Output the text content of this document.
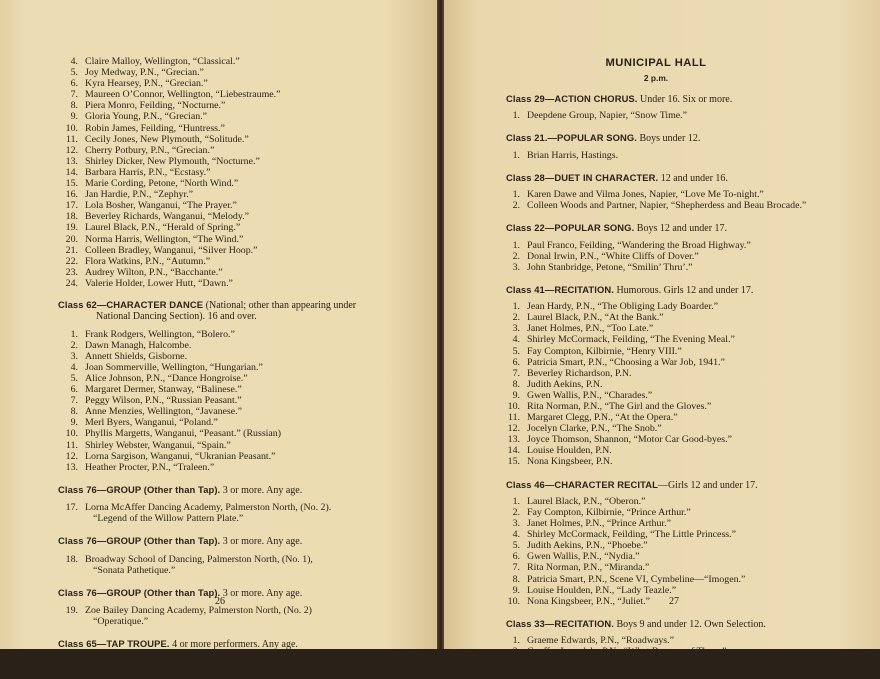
4. Claire Malloy, Wellington, “Classical.”
5. Joy Medway, P.N., “Grecian.”
6. Kyra Hearsey, P.N., “Grecian.”
7. Maureen O’Connor, Wellington, “Liebestraume.”
8. Piera Monro, Feilding, “Nocturne.”
9. Gloria Young, P.N., “Grecian.”
10. Robin James, Feilding, “Huntress.”
11. Cecily Jones, New Plymouth, “Solitude.”
12. Cherry Potbury, P.N., “Grecian.”
13. Shirley Dicker, New Plymouth, “Nocturne.”
14. Barbara Harris, P.N., “Ecstasy.”
15. Marie Cording, Petone, “North Wind.”
16. Jan Hardie, P.N., “Zephyr.”
17. Lola Bosher, Wanganui, “The Prayer.”
18. Beverley Richards, Wanganui, “Melody.”
19. Laurel Black, P.N., “Herald of Spring.”
20. Norma Harris, Wellington, “The Wind.”
21. Colleen Bradley, Wanganui, “Silver Hoop.”
22. Flora Watkins, P.N., “Autumn.”
23. Audrey Wilton, P.N., “Bacchante.”
24. Valerie Holder, Lower Hutt, “Dawn.”

Class 62—CHARACTER DANCE (National; other than appearing under
National Dancing Section). 16 and over.

1. Frank Rodgers, Wellington, “Bolero.”
2. Dawn Managh, Halcombe.
3. Annett Shields, Gisborne.
4. Joan Sommerville, Wellington, “Hungarian.”
5. Alice Johnson, P.N., “Dance Hongroise.”
6. Margaret Dermer, Stanway, “Balinese.”
7. Peggy Wilson, P.N., “Russian Peasant.”
8. Anne Menzies, Wellington, “Javanese.”
9. Merl Byers, Wanganui, “Poland.”
10. Phyllis Margetts, Wanganui, “Peasant.” (Russian)
11. Shirley Webster, Wanganui, “Spain.”
12. Lorna Sargison, Wanganui, “Ukranian Peasant.”
13. Heather Procter, P.N., “Traleen.”

Class 76—GROUP (Other than Tap). 3 or more. Any age.

17. Lorna McAffer Dancing Academy, Palmerston North, (No. 2).
“Legend of the Willow Pattern Plate.”

Class 76—GROUP (Other than Tap). 3 or more. Any age.

18. Broadway School of Dancing, Palmerston North, (No. 1),
“Sonata Pathetique.”

Class 76—GROUP (Other than Tap). 3 or more. Any age.

19. Zoe Bailey Dancing Academy, Palmerston North, (No. 2)
“Operatique.”

Class 65—TAP TROUPE. 4 or more performers. Any age.

7. June Scott Studio of Dancing, Palmerston North, (No. 2).
26
MUNICIPAL HALL
2 p.m.

Class 29—ACTION CHORUS. Under 16. Six or more.

1. Deepdene Group, Napier, “Snow Time.”

Class 21.—POPULAR SONG. Boys under 12.

1. Brian Harris, Hastings.

Class 28—DUET IN CHARACTER. 12 and under 16.

1. Karen Dawe and Vilma Jones, Napier, “Love Me To-night.”
2. Colleen Woods and Partner, Napier, “Shepherdess and Beau Brocade.”

Class 22—POPULAR SONG. Boys 12 and under 17.

1. Paul Franco, Feilding, “Wandering the Broad Highway.”
2. Donal Irwin, P.N., “White Cliffs of Dover.”
3. John Stanbridge, Petone, “Smilin’ Thru’.”

Class 41—RECITATION. Humorous. Girls 12 and under 17.

1. Jean Hardy, P.N., “The Obliging Lady Boarder.”
2. Laurel Black, P.N., “At the Bank.”
3. Janet Holmes, P.N., “Too Late.”
4. Shirley McCormack, Feilding, “The Evening Meal.”
5. Fay Compton, Kilbirnie, “Henry VIII.”
6. Patricia Smart, P.N., “Choosing a War Job, 1941.”
7. Beverley Richardson, P.N.
8. Judith Aekins, P.N.
9. Gwen Wallis, P.N., “Charades.”
10. Rita Norman, P.N., “The Girl and the Gloves.”
11. Margaret Clegg, P.N., “At the Opera.”
12. Jocelyn Clarke, P.N., “The Snob.”
13. Joyce Thomson, Shannon, “Motor Car Good-byes.”
14. Louise Houlden, P.N.
15. Nona Kingsbeer, P.N.

Class 46—CHARACTER RECITAL—Girls 12 and under 17.

1. Laurel Black, P.N., “Oberon.”
2. Fay Compton, Kilbirnie, “Prince Arthur.”
3. Janet Holmes, P.N., “Prince Arthur.”
4. Shirley McCormack, Feilding, “The Little Princess.”
5. Judith Aekins, P.N., “Phoebe.”
6. Gwen Wallis, P.N., “Nydia.”
7. Rita Norman, P.N., “Miranda.”
8. Patricia Smart, P.N., Scene VI, Cymbeline—“Imogen.”
9. Louise Houlden, P.N., “Lady Teazle.”
10. Nona Kingsbeer, P.N., “Juliet.”

Class 33—RECITATION. Boys 9 and under 12. Own Selection.

1. Graeme Edwards, P.N., “Roadways.”
2. Geoffry Langdale, P.N., “What Became of Them.”
3. David Prebensen, Napier, “How.”
4. Brian Harris, Hastings, “Penaby Mine.”
27
